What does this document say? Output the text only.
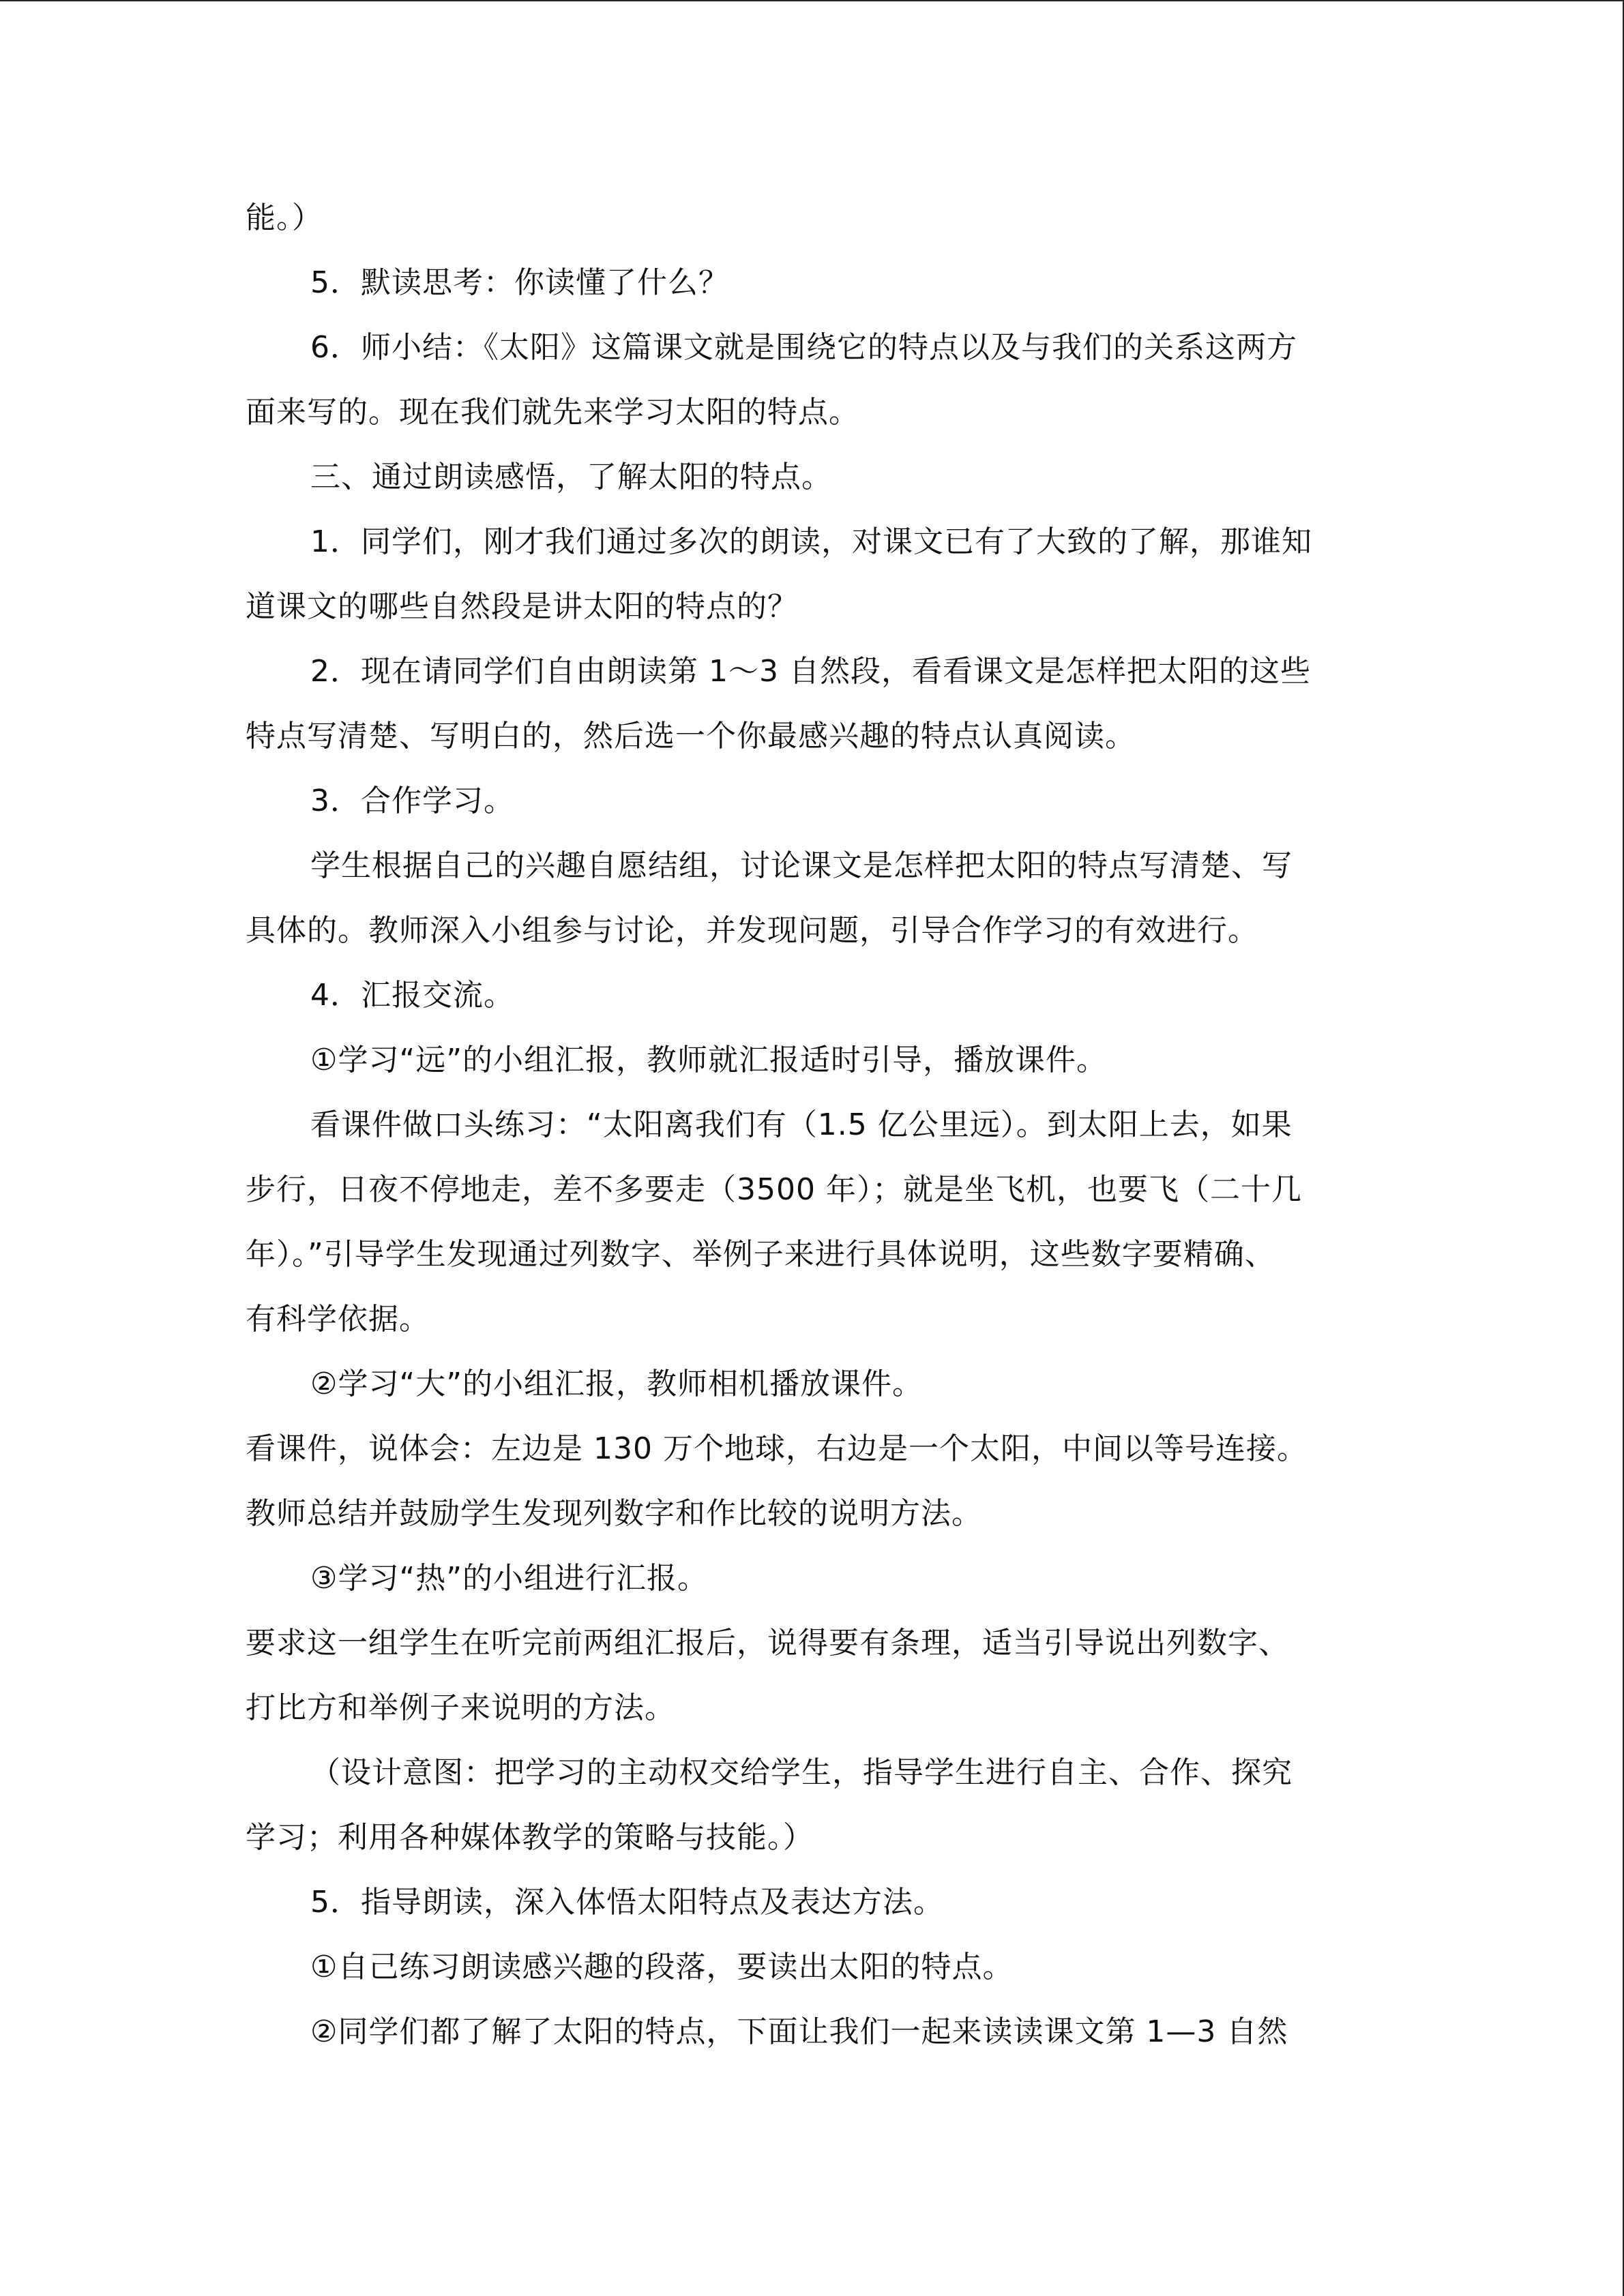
能。）
5．默读思考：你读懂了什么？
6．师小结：《太阳》这篇课文就是围绕它的特点以及与我们的关系这两方
面来写的。现在我们就先来学习太阳的特点。
三、通过朗读感悟，了解太阳的特点。
1．同学们，刚才我们通过多次的朗读，对课文已有了大致的了解，那谁知
道课文的哪些自然段是讲太阳的特点的？
2．现在请同学们自由朗读第 1～3 自然段，看看课文是怎样把太阳的这些
特点写清楚、写明白的，然后选一个你最感兴趣的特点认真阅读。
3．合作学习。
学生根据自己的兴趣自愿结组，讨论课文是怎样把太阳的特点写清楚、写
具体的。教师深入小组参与讨论，并发现问题，引导合作学习的有效进行。
4．汇报交流。
①学习“远”的小组汇报，教师就汇报适时引导，播放课件。
看课件做口头练习：“太阳离我们有（1.5 亿公里远）。到太阳上去，如果
步行，日夜不停地走，差不多要走（3500 年）；就是坐飞机，也要飞（二十几
年）。”引导学生发现通过列数字、举例子来进行具体说明，这些数字要精确、
有科学依据。
②学习“大”的小组汇报，教师相机播放课件。
看课件，说体会：左边是 130 万个地球，右边是一个太阳，中间以等号连接。
教师总结并鼓励学生发现列数字和作比较的说明方法。
③学习“热”的小组进行汇报。
要求这一组学生在听完前两组汇报后，说得要有条理，适当引导说出列数字、
打比方和举例子来说明的方法。
（设计意图：把学习的主动权交给学生，指导学生进行自主、合作、探究
学习；利用各种媒体教学的策略与技能。）
5．指导朗读，深入体悟太阳特点及表达方法。
①自己练习朗读感兴趣的段落，要读出太阳的特点。
②同学们都了解了太阳的特点，下面让我们一起来读读课文第 1—3 自然
